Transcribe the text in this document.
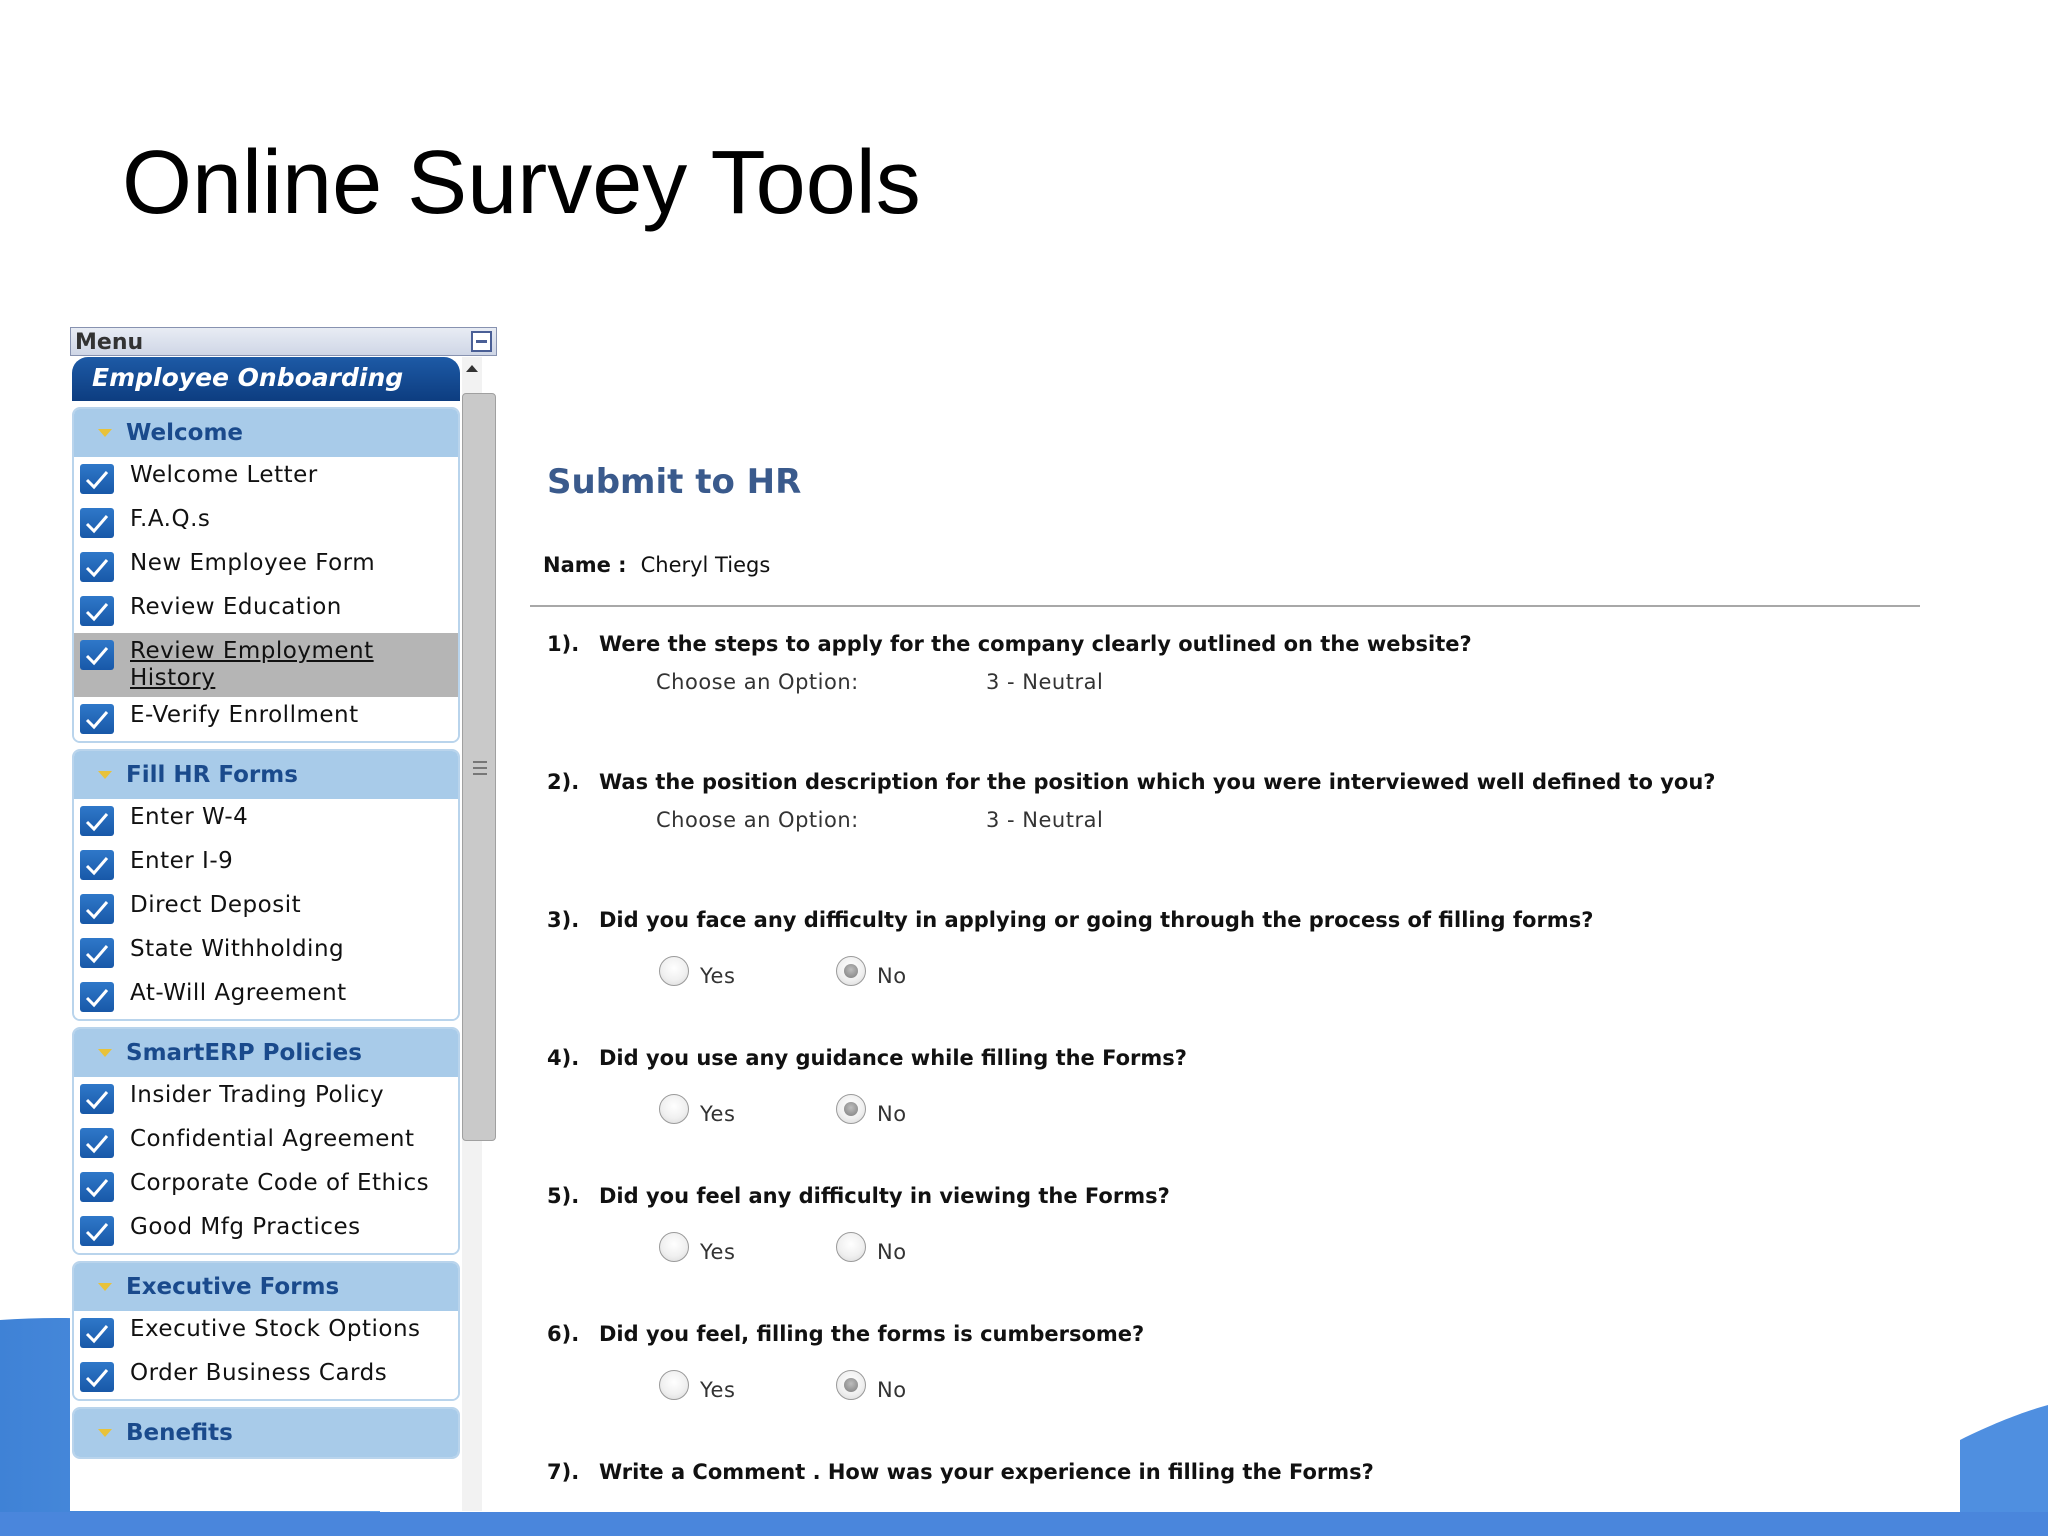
Online Survey Tools
Menu
Employee Onboarding
Welcome
Welcome Letter
F.A.Q.s
New Employee Form
Review Education
Review Employment History
E-Verify Enrollment
Fill HR Forms
Enter W-4
Enter I-9
Direct Deposit
State Withholding
At-Will Agreement
SmartERP Policies
Insider Trading Policy
Confidential Agreement
Corporate Code of Ethics
Good Mfg Practices
Executive Forms
Executive Stock Options
Order Business Cards
Benefits
Submit to HR
Name : Cheryl Tiegs
1). Were the steps to apply for the company clearly outlined on the website?
Choose an Option:	3 - Neutral
2). Was the position description for the position which you were interviewed well defined to you?
Choose an Option:	3 - Neutral
3). Did you face any difficulty in applying or going through the process of filling forms?
Yes	No
4). Did you use any guidance while filling the Forms?
Yes	No
5). Did you feel any difficulty in viewing the Forms?
Yes	No
6). Did you feel, filling the forms is cumbersome?
Yes	No
7). Write a Comment . How was your experience in filling the Forms?
